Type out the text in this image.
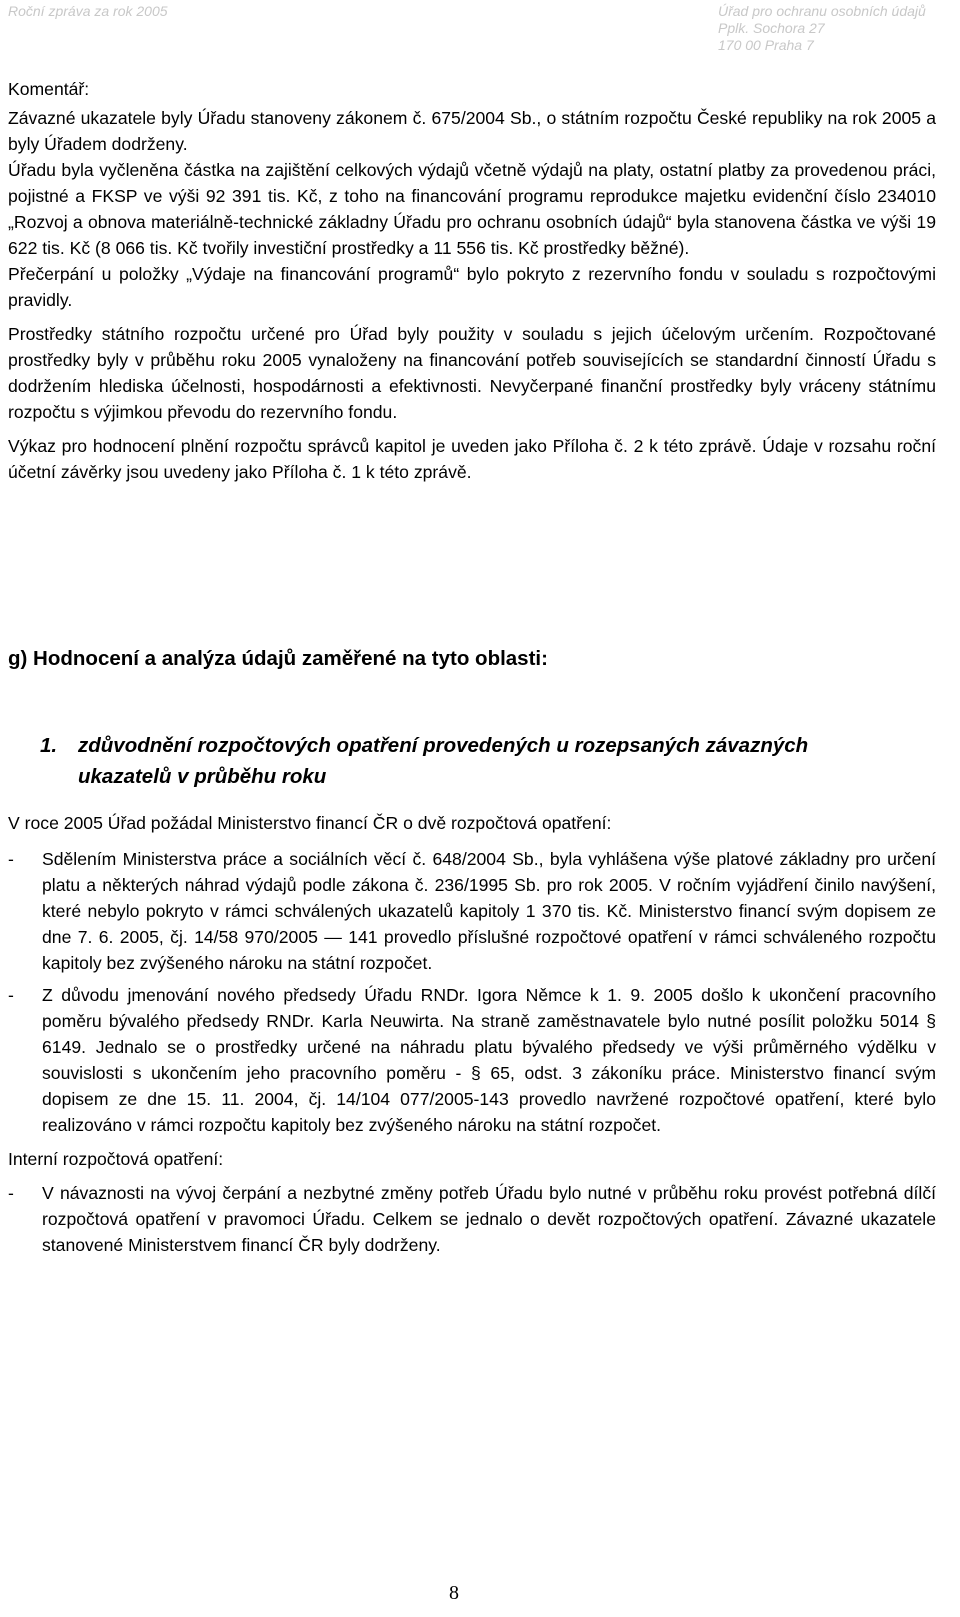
Roční zpráva za rok 2005	Úřad pro ochranu osobních údajů
Pplk. Sochora 27
170 00 Praha 7

Komentář:

Závazné ukazatele byly Úřadu stanoveny zákonem č. 675/2004 Sb., o státním rozpočtu České republiky na rok 2005 a byly Úřadem dodrženy.

Úřadu byla vyčleněna částka na zajištění celkových výdajů včetně výdajů na platy, ostatní platby za provedenou práci, pojistné a FKSP ve výši 92 391 tis. Kč, z toho na financování programu reprodukce majetku evidenční číslo 234010 „Rozvoj a obnova materiálně-technické základny Úřadu pro ochranu osobních údajů“ byla stanovena částka ve výši 19 622 tis. Kč (8 066 tis. Kč tvořily investiční prostředky a 11 556 tis. Kč prostředky běžné).

Přečerpání u položky „Výdaje na financování programů“ bylo pokryto z rezervního fondu v souladu s rozpočtovými pravidly.

Prostředky státního rozpočtu určené pro Úřad byly použity v souladu s jejich účelovým určením. Rozpočtované prostředky byly v průběhu roku 2005 vynaloženy na financování potřeb souvisejících se standardní činností Úřadu s dodržením hlediska účelnosti, hospodárnosti a efektivnosti. Nevyčerpané finanční prostředky byly vráceny státnímu rozpočtu s výjimkou převodu do rezervního fondu.

Výkaz pro hodnocení plnění rozpočtu správců kapitol je uveden jako Příloha č. 2 k této zprávě. Údaje v rozsahu roční účetní závěrky jsou uvedeny jako Příloha č. 1 k této zprávě.

g) Hodnocení a analýza údajů zaměřené na tyto oblasti:
1. zdůvodnění rozpočtových opatření provedených u rozepsaných závazných ukazatelů v průběhu roku

V roce 2005 Úřad požádal Ministerstvo financí ČR o dvě rozpočtová opatření:

- Sdělením Ministerstva práce a sociálních věcí č. 648/2004 Sb., byla vyhlášena výše platové základny pro určení platu a některých náhrad výdajů podle zákona č. 236/1995 Sb. pro rok 2005. V ročním vyjádření činilo navýšení, které nebylo pokryto v rámci schválených ukazatelů kapitoly 1 370 tis. Kč. Ministerstvo financí svým dopisem ze dne 7. 6. 2005, čj. 14/58 970/2005 — 141 provedlo příslušné rozpočtové opatření v rámci schváleného rozpočtu kapitoly bez zvýšeného nároku na státní rozpočet.
- Z důvodu jmenování nového předsedy Úřadu RNDr. Igora Němce k 1. 9. 2005 došlo k ukončení pracovního poměru bývalého předsedy RNDr. Karla Neuwirta. Na straně zaměstnavatele bylo nutné posílit položku 5014 § 6149. Jednalo se o prostředky určené na náhradu platu bývalého předsedy ve výši průměrného výdělku v souvislosti s ukončením jeho pracovního poměru - § 65, odst. 3 zákoníku práce. Ministerstvo financí svým dopisem ze dne 15. 11. 2004, čj. 14/104 077/2005-143 provedlo navržené rozpočtové opatření, které bylo realizováno v rámci rozpočtu kapitoly bez zvýšeného nároku na státní rozpočet.

Interní rozpočtová opatření:

- V návaznosti na vývoj čerpání a nezbytné změny potřeb Úřadu bylo nutné v průběhu roku provést potřebná dílčí rozpočtová opatření v pravomoci Úřadu. Celkem se jednalo o devět rozpočtových opatření. Závazné ukazatele stanovené Ministerstvem financí ČR byly dodrženy.
8
